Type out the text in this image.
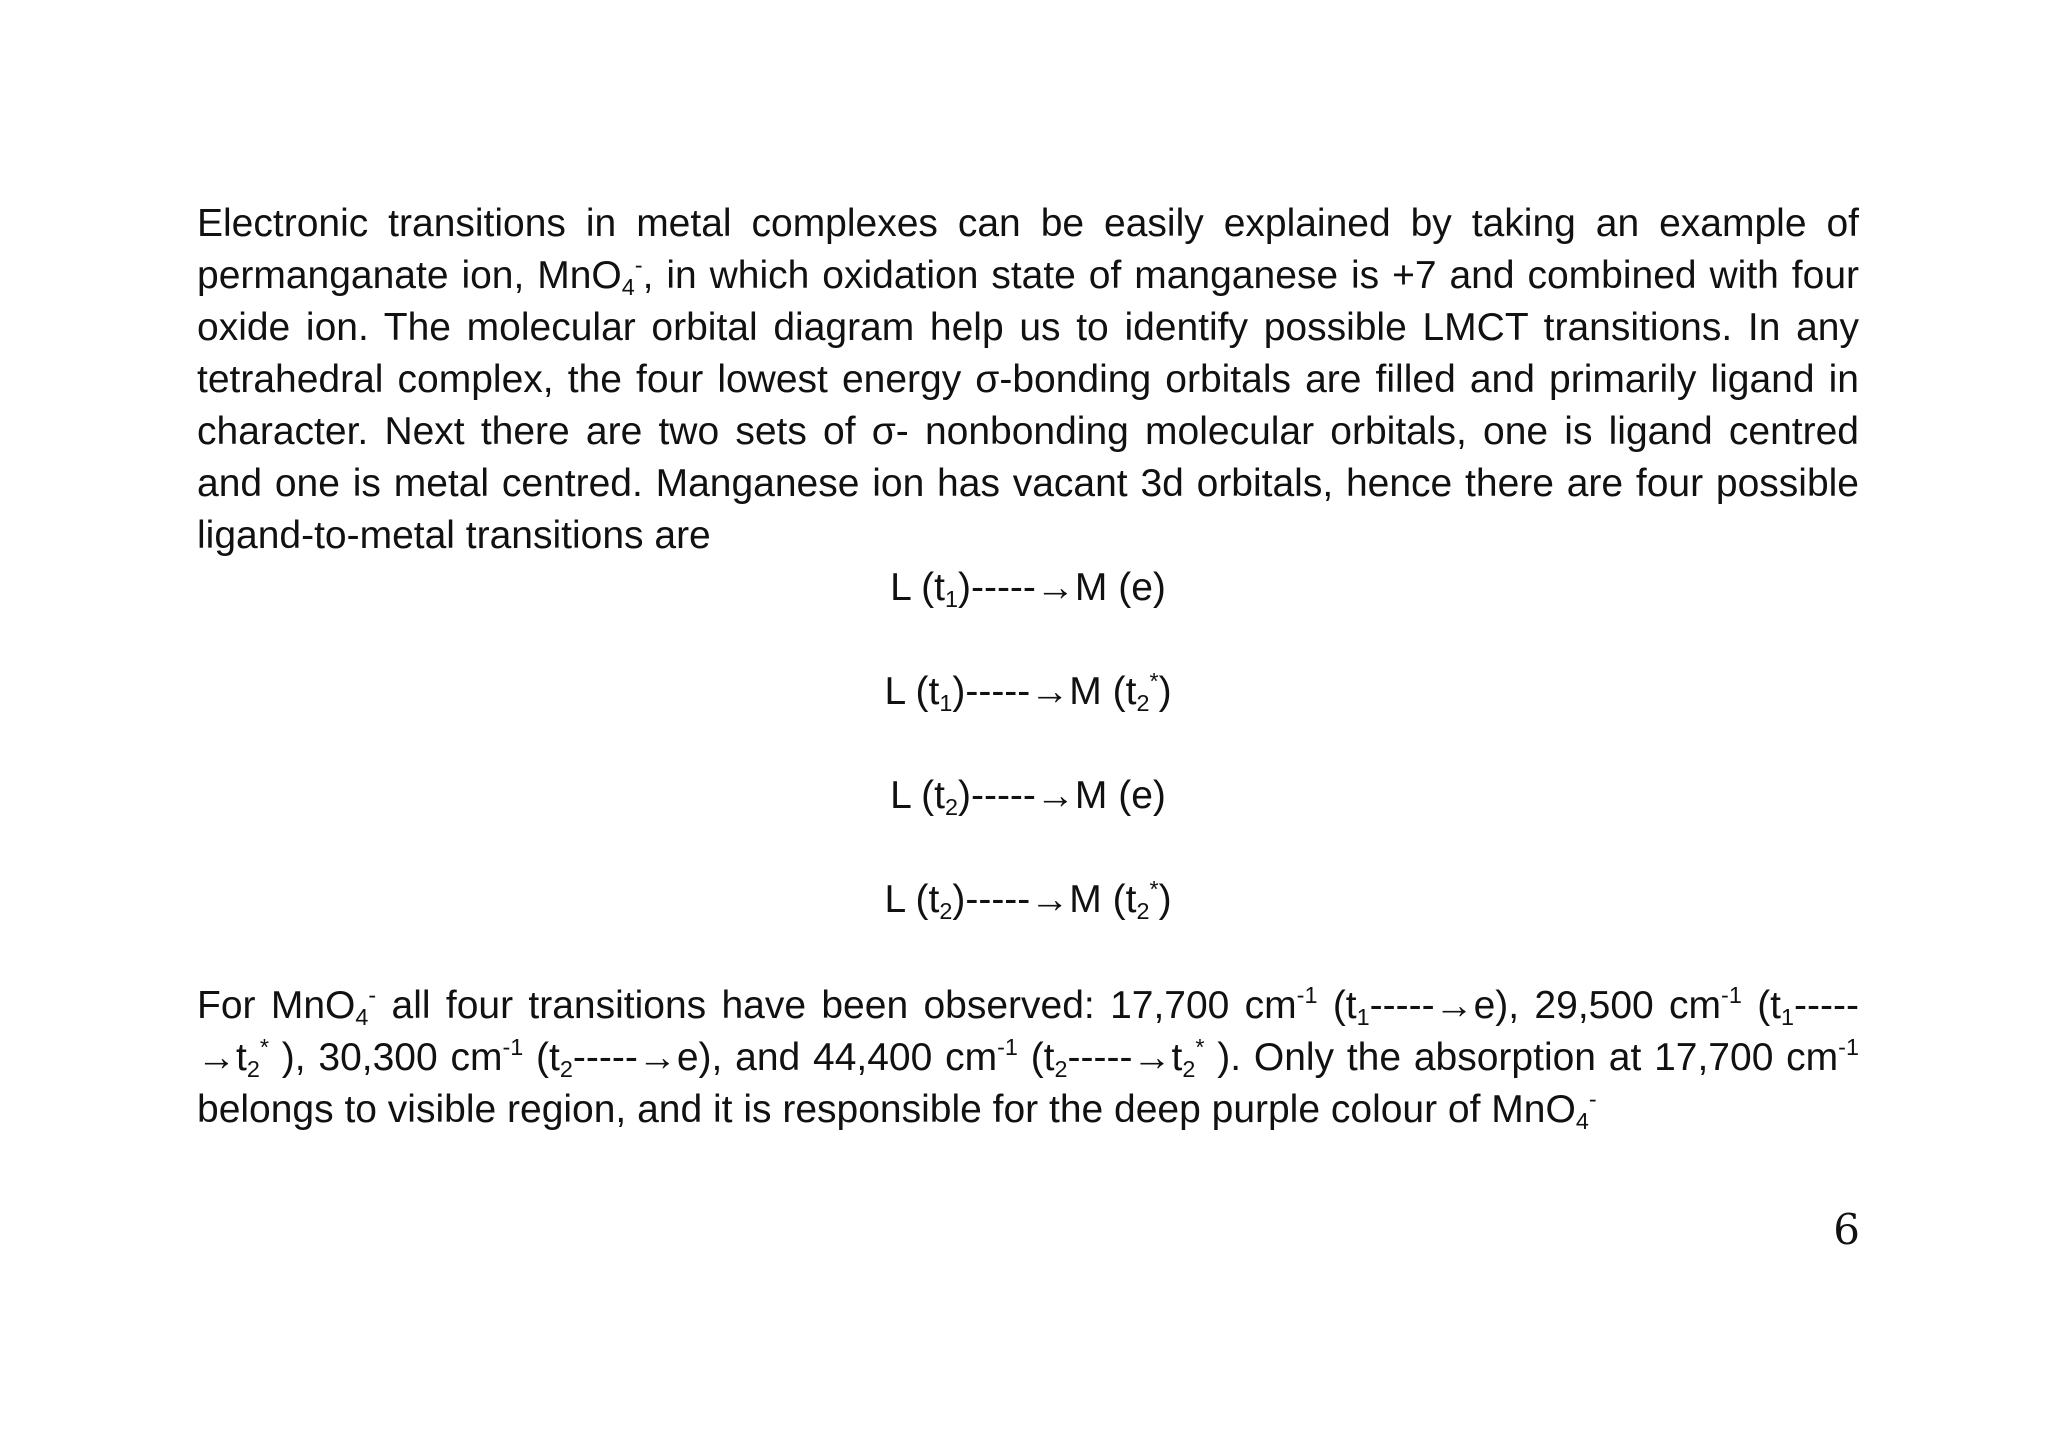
Electronic transitions in metal complexes can be easily explained by taking an example of permanganate ion, MnO$_4$-, in which oxidation state of manganese is +7 and combined with four oxide ion. The molecular orbital diagram help us to identify possible LMCT transitions. In any tetrahedral complex, the four lowest energy σ-bonding orbitals are filled and primarily ligand in character. Next there are two sets of σ- nonbonding molecular orbitals, one is ligand centred and one is metal centred. Manganese ion has vacant 3d orbitals, hence there are four possible ligand-to-metal transitions are

L $(t_1)-----\to M$ (e)
L $(t_1)-----\to M$ $(t_2^*)$
L $(t_2)-----\to M$ (e)
L $(t_2)-----\to M$ $(t_2^*)$

For MnO$_4$- all four transitions have been observed: 17,700 $cm^{-1}$ $(t_1-----\to e)$, 29,500 $cm^{-1}$ ($t_1-----\to t_2^*$ ), 30,300 $cm^{-1}$ $(t_2-----\to e)$, and 44,400 $cm^{-1}$ ($t_2-----\to t_2^*$ ). Only the absorption at 17,700 $cm^{-1}$ belongs to visible region, and it is responsible for the deep purple colour of MnO$_4$-

6
